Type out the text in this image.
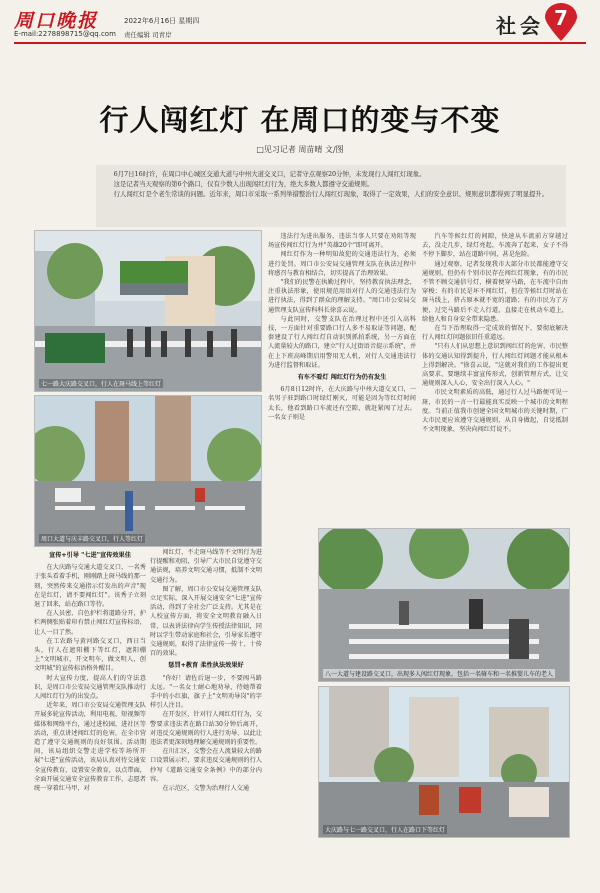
周口晚报
E-mail:2278898715@qq.com
2022年6月16日 星期四
责任编辑 司青岸	社会 7
行人闯红灯 在周口的变与不变
□见习记者 周苗晴 文/图

6月7日16时许，在周口中心城区交通大道与中州大道交叉口，记者守点观察20分钟，未发现行人闯红灯现象。

这是记者当天观察的第6个路口，仅有少数人出现闯红灯行为，绝大多数人都遵守交通规则。

行人闯红灯是个老生常谈的问题。近年来，周口市采取一系列举措整治行人闯红灯现象，取得了一定效果，人们的安全意识、规则意识都得到了明显提升。

七一路大庆路交叉口，行人在斑马线上等红灯
周口大道与庆丰路交叉口，行人等红灯

宣传+引导 "七进"宣传效果佳

在大庆路与交通大道交叉口，一名秀于张头看着手机，刚刚踏上斑马线的那一刻，突然传来交通指示灯发出的声音"现在是红灯，请不要闯红灯"。该秀子立刻退了回来，站在路口等待。

在人员密、自色护栏将道路分开，护栏两侧张贴着印有禁止闯红灯宣传标语，让人一目了然。

在工农路与黄河路交叉口，西日当头，行人在遮阳棚下等红灯，遮阳棚上"文明城市，开文明车，做文明人，创文明城"的宣传标语格外醒目。

时大宣传力度，提高人们的守法意识，是周口市公安局交通管理支队推动行人闯红灯行为的出发点。

近年来，周口市公安局交通管理支队开展多轮宣传活动，利用电视、短视频等媒体和网络平台，通过进校园、进社区等活动，重点讲述闯红灯的危害，在全市营造了遵守交通规则的良好氛围。活动期间，该局组织交警走进学校等场所开展"七进"宣传活动，该局认真对待交通安全宣传教育，设置安全教育，以点带面，全面开展交通安全宣传教育工作，志愿者统一穿着红马甲，对

闯红灯、不走斑马线等不文明行为进行提醒和劝阻，引导广大市民自觉遵守交通法规，培养文明交通习惯，抵制不文明交通行为。

图了解，周口市公安局交通管理支队立足实际，深入开展交通安全"七进"宣传活动，得到了全社会广泛支持。尤其是在人校宣传方面，将安全文明教育融入日常，以表讲法律向学生传授法律知识，同时以学生带动家庭和社会，引导家长遵守交通规则，取得了法律宣传一传十、十传百的效果。

惩罚+教育 柔性执法效果好

"你好！请佐后退一步，不要闯马路太远。"一名女士耐心地劝导，待她帮着手中的小红旗，旗子上"文明劝导岗"的字样引人注目。

在开发区、针对行人闯红灯行为，交警要求违法者在路口站30分钟后离开，对违反交通规则的行人进行劝导，以此让违法者更深刻地理解交通规则的重要性。

在川汇区，交警会在人流量较大的路口设置展示栏，要求违反交通规则的行人抄写《道路交通安全条例》中的部分内容。

在示范区，交警为治理行人交通

违法行为进出服务，违法当事人只要在劝阻等现场宣传闯红灯行为并"英雄20个"即可离开。

闯红灯作为一种明知故犯的交通违法行为，必须进行处罚。周口市公安局交通管理支队在执法过程中将感召与教育相结合，切实提高了治理效果。

"我们的民警在执勤过程中，坚持教育执法理念，注重执法形象，使用规范用语对行人的交通违法行为进行执法，得到了群众的理解支持。"周口市公安局交通管理支队宣传科科长徐喜云说。

与此同时，交警支队在治理过程中还引入高科技，一方面针对重要路口行人多不易取证等问题，配套建设了行人闯红灯自动识别抓拍系统，另一方面在人流量较大的路口，建立"行人过街语音提示系统"，并在上下班高峰期启用警用无人机，对行人交通违法行为进行监督和取证。

有车不看灯 闯红灯行为仍有发生

6月8日12时许，在大庆路与中州大道交叉口，一名男子驻到路口时绿灯刚灭，可能是因为等红灯时间太长，他看到路口车流还有空隙，就赶紧闯了过去。一名女子则是

汽车等候红灯的间隙，快速从车流前方穿越过去，没走几步，绿灯亮起，车流奔了起来，女子不得不停下脚步，站在道路中间，甚是危险。

通过观察，记者发现我市大部分市民都能遵守交通规则，但仍有个别市民存在闯红灯现象，有的市民不管不顾交通信号灯，横着便穿马路，在车流中自由穿梭；有的市民是坏不闯红灯，但在等候红灯时站在斑马线上，挤占原本就不宽的道路；有的市民为了方便，过完马路后不走人行道，直接走在机动车道上，给他人和自身安全带来隐患。

在当下治理取得一定成效的情况下，要彻底解决行人闯红灯问题依旧任重道远。

"只有人们从思想上意识到闯红灯的危害，市民整体的交通认知得到提升，行人闯红灯问题才能从根本上得到解决。"徐喜云说，"这就对我们的工作提出更高要求，要继续丰富宣传形式，创新管理方式，让交通规则深入人心，安全出行深入人心。"

市民文明素质的高低，通过行人过马路便可见一斑，市民的一言一行最能真实反映一个城市的文明程度。当前正值我市创建全国文明城市的关键时期，广大市民更应该遵守交通规则，从自身做起，自觉抵制不文明现象，坚决向闯红灯说不。

八一大道与建设路交叉口，出现多人闯红灯现象，包括一名骑车和一名推婴儿车的老人
大庆路与七一路交叉口，行人在路口下等红灯
